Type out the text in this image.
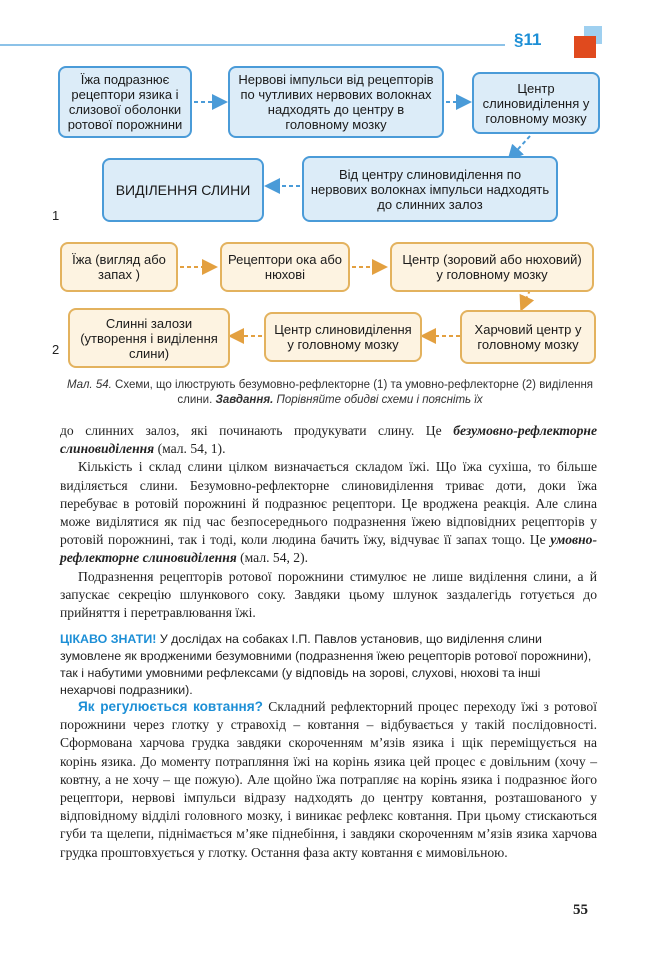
§11
Їжа подразнює рецептори язика і слизової оболонки ротової порожнини
Нервові імпульси від рецепторів по чутливих нервових волокнах надходять до центру в головному мозку
Центр слиновиділення у головному мозку
Від центру слиновиділення по нервових волокнах імпульси надходять до слинних залоз
ВИДІЛЕННЯ СЛИНИ
1
Їжа (вигляд або запах )
Рецептори ока або нюхові
Центр (зоровий або нюховий) у головному мозку
Харчовий центр у головному мозку
Центр слиновиділення у головному мозку
Слинні залози (утворення і виділення слини)
2
Мал. 54. Схеми, що ілюструють безумовно-рефлекторне (1) та умовно-рефлекторне (2) виділення слини. Завдання. Порівняйте обидві схеми і поясніть їх

до слинних залоз, які починають продукувати слину. Це безумовно-рефлекторне слиновиділення (мал. 54, 1).

Кількість і склад слини цілком визначається складом їжі. Що їжа сухіша, то більше виділяється слини. Безумовно-рефлекторне слиновиділення триває доти, доки їжа перебуває в ротовій порожнині й подразнює рецептори. Це вроджена реакція. Але слина може виділятися як під час безпосереднього подразнення їжею відповідних рецепторів у ротовій порожнині, так і тоді, коли людина бачить їжу, відчуває її запах тощо. Це умовно-рефлекторне слиновиділення (мал. 54, 2).

Подразнення рецепторів ротової порожнини стимулює не лише виділення слини, а й запускає секрецію шлункового соку. Завдяки цьому шлунок заздалегідь готується до прийняття і перетравлювання їжі.

ЦІКАВО ЗНАТИ! У дослідах на собаках І.П. Павлов установив, що виділення слини зумовлене як вродженими безумовними (подразнення їжею рецепторів ротової порожнини), так і набутими умовними рефлексами (у відповідь на зорові, слухові, нюхові та інші нехарчові подразники).

Як регулюється ковтання? Складний рефлекторний процес переходу їжі з ротової порожнини через глотку у стравохід – ковтання – відбувається у такій послідовності. Сформована харчова грудка завдяки скороченням м’язів язика і щік переміщується на корінь язика. До моменту потрапляння їжі на корінь язика цей процес є довільним (хочу – ковтну, а не хочу – ще пожую). Але щойно їжа потрапляє на корінь язика і подразнює його рецептори, нервові імпульси відразу надходять до центру ковтання, розташованого у відповідному відділі головного мозку, і виникає рефлекс ковтання. При цьому стискаються губи та щелепи, піднімається м’яке піднебіння, і завдяки скороченням м’язів язика харчова грудка проштовхується у глотку. Остання фаза акту ковтання є мимовільною.

55
